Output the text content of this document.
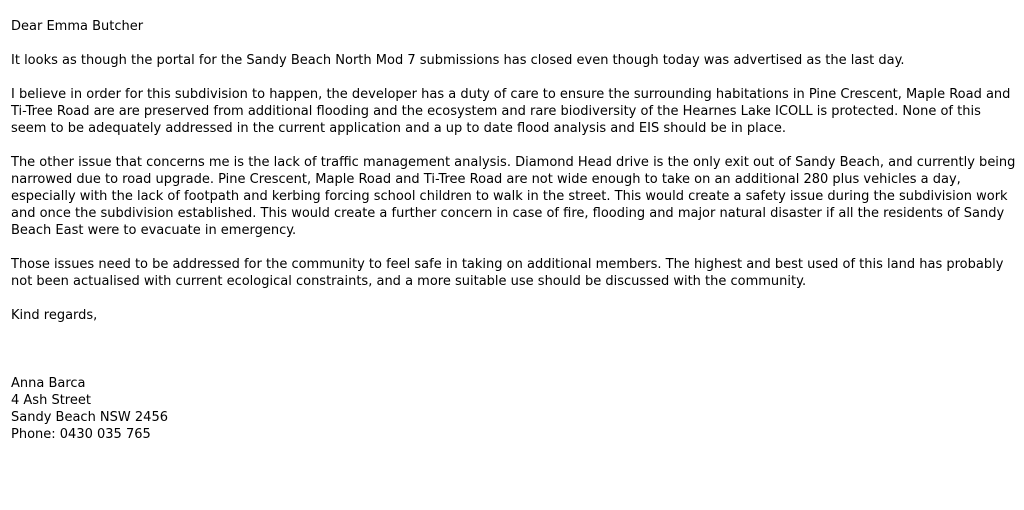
Dear Emma Butcher

It looks as though the portal for the Sandy Beach North Mod 7 submissions has closed even though today was advertised as the last day.

I believe in order for this subdivision to happen, the developer has a duty of care to ensure the surrounding habitations in Pine Crescent, Maple Road and Ti-Tree Road are are preserved from additional flooding and the ecosystem and rare biodiversity of the Hearnes Lake ICOLL is protected. None of this seem to be adequately addressed in the current application and a up to date flood analysis and EIS should be in place.

The other issue that concerns me is the lack of traffic management analysis. Diamond Head drive is the only exit out of Sandy Beach, and currently being narrowed due to road upgrade. Pine Crescent, Maple Road and Ti-Tree Road are not wide enough to take on an additional 280 plus vehicles a day, especially with the lack of footpath and kerbing forcing school children to walk in the street. This would create a safety issue during the subdivision work and once the subdivision established. This would create a further concern in case of fire, flooding and major natural disaster if all the residents of Sandy Beach East were to evacuate in emergency.

Those issues need to be addressed for the community to feel safe in taking on additional members. The highest and best used of this land has probably not been actualised with current ecological constraints, and a more suitable use should be discussed with the community.

Kind regards,

Anna Barca
4 Ash Street
Sandy Beach NSW 2456
Phone: 0430 035 765
